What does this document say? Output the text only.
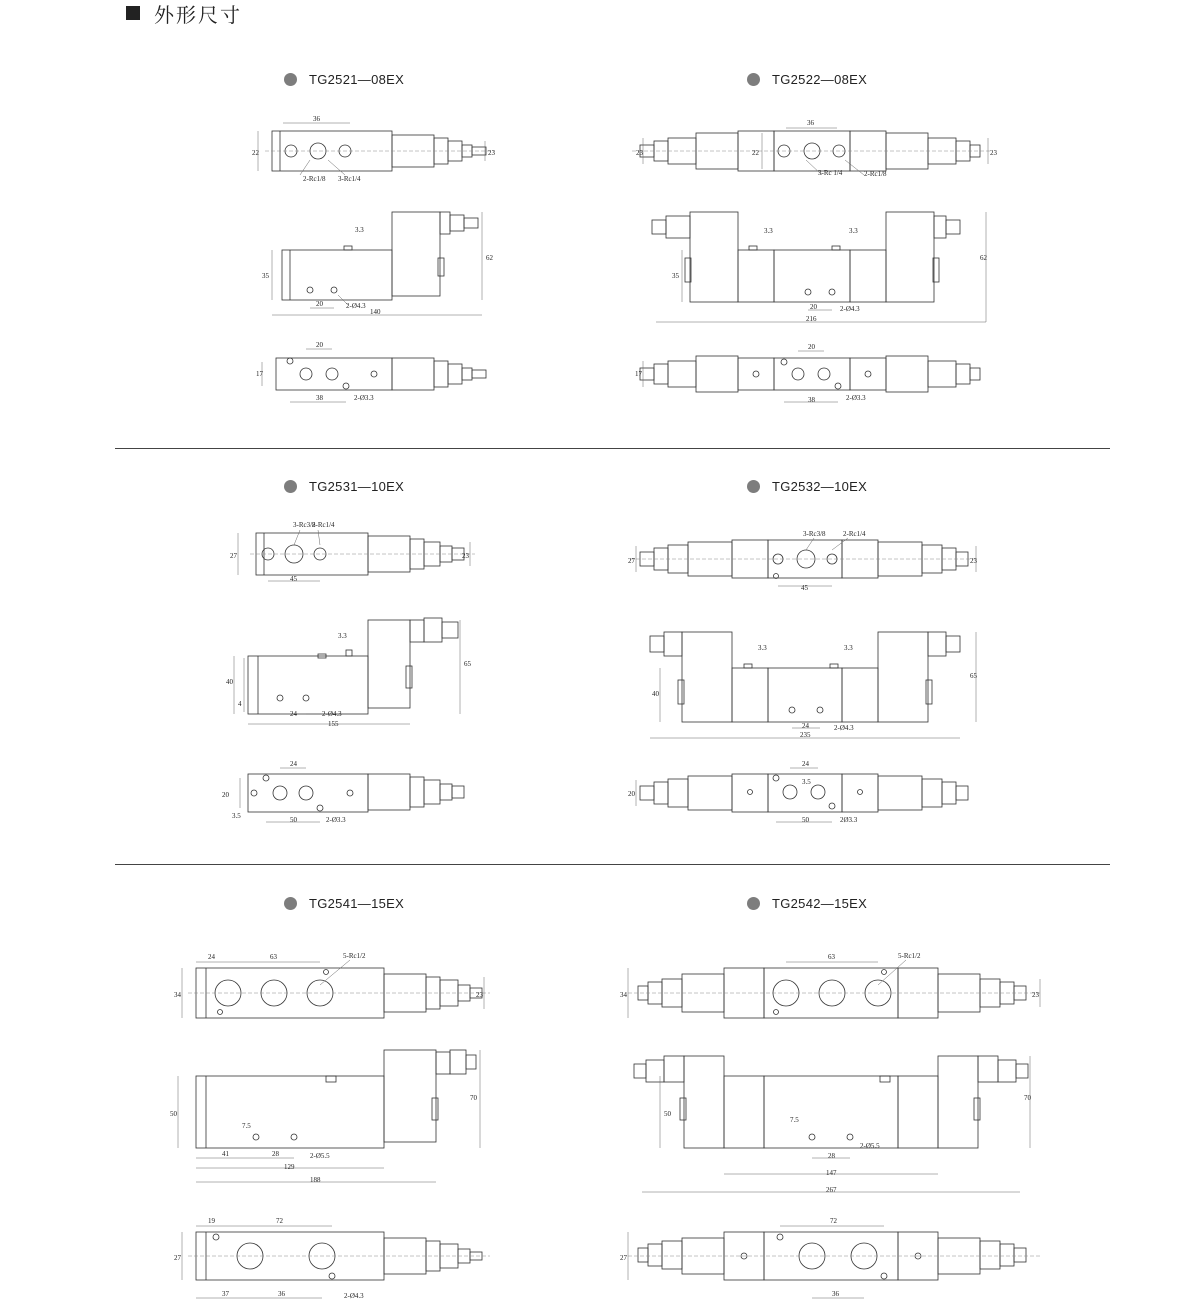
外形尺寸
TG2521—08EX	TG2522—08EX
TG2531—10EX	TG2532—10EX
TG2541—15EX	TG2542—15EX
36
22	23
2-Rc1/8 3-Rc1/4
3.3
35
62
20	2-Ø4.3
140
20
17
38	2-Ø3.3
36
23	22	23
3-Rc 1/4	2-Rc1/8
3.3	3.3
35
62
20	2-Ø4.3
216
20
17
38	2-Ø3.3
3-Rc3/8
2-Rc1/4
27	23
45
3.3
40
65
4
24	2-Ø4.3
155
24
20
3.5	50	2-Ø3.3
3-Rc3/8 2-Rc1/4
27	23
45
3.3	3.3
40
65
24	2-Ø4.3
235
24
3.5
20
50	2Ø3.3
24	63	5-Rc1/2
34	23
7.5
50
70
41	28	2-Ø5.5
129
188
19	72
27
37	36	2-Ø4.3
63	5-Rc1/2
34	23
7.5
50
70
28
2-Ø5.5
147
267
72
27
36
